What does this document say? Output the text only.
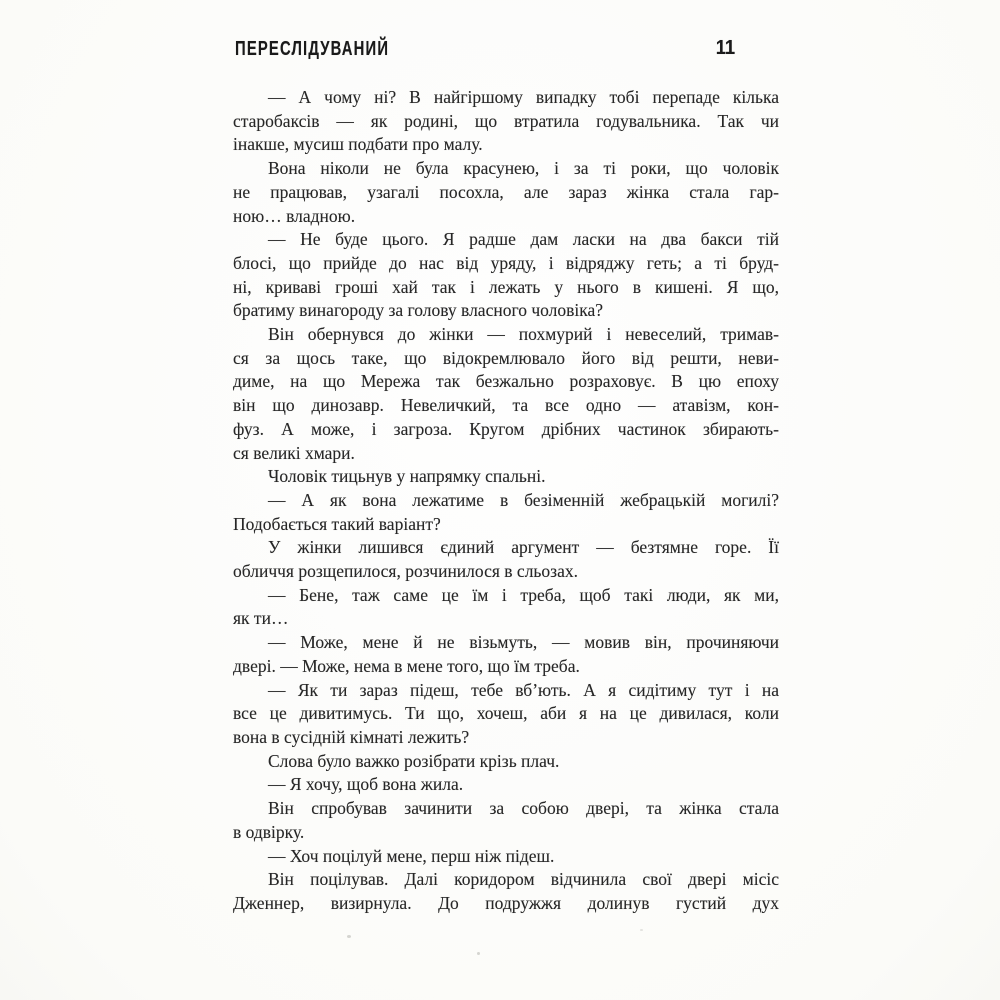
ПЕРЕСЛІДУВАНИЙ	11
— А чому ні? В найгіршому випадку тобі перепаде кілька
старобаксів — як родині, що втратила годувальника. Так чи
інакше, мусиш подбати про малу.
Вона ніколи не була красунею, і за ті роки, що чоловік
не працював, узагалі посохла, але зараз жінка стала гар-
ною… владною.
— Не буде цього. Я радше дам ласки на два бакси тій
блосі, що прийде до нас від уряду, і відряджу геть; а ті бруд-
ні, криваві гроші хай так і лежать у нього в кишені. Я що,
братиму винагороду за голову власного чоловіка?
Він обернувся до жінки — похмурий і невеселий, тримав-
ся за щось таке, що відокремлювало його від решти, неви-
диме, на що Мережа так безжально розраховує. В цю епоху
він що динозавр. Невеличкий, та все одно — атавізм, кон-
фуз. А може, і загроза. Кругом дрібних частинок збирають-
ся великі хмари.
Чоловік тицьнув у напрямку спальні.
— А як вона лежатиме в безіменній жебрацькій могилі?
Подобається такий варіант?
У жінки лишився єдиний аргумент — безтямне горе. Її
обличчя розщепилося, розчинилося в сльозах.
— Бене, таж саме це їм і треба, щоб такі люди, як ми,
як ти…
— Може, мене й не візьмуть, — мовив він, прочиняючи
двері. — Може, нема в мене того, що їм треба.
— Як ти зараз підеш, тебе вб’ють. А я сидітиму тут і на
все це дивитимусь. Ти що, хочеш, аби я на це дивилася, коли
вона в сусідній кімнаті лежить?
Слова було важко розібрати крізь плач.
— Я хочу, щоб вона жила.
Він спробував зачинити за собою двері, та жінка стала
в одвірку.
— Хоч поцілуй мене, перш ніж підеш.
Він поцілував. Далі коридором відчинила свої двері місіс
Дженнер, визирнула. До подружжя долинув густий дух
